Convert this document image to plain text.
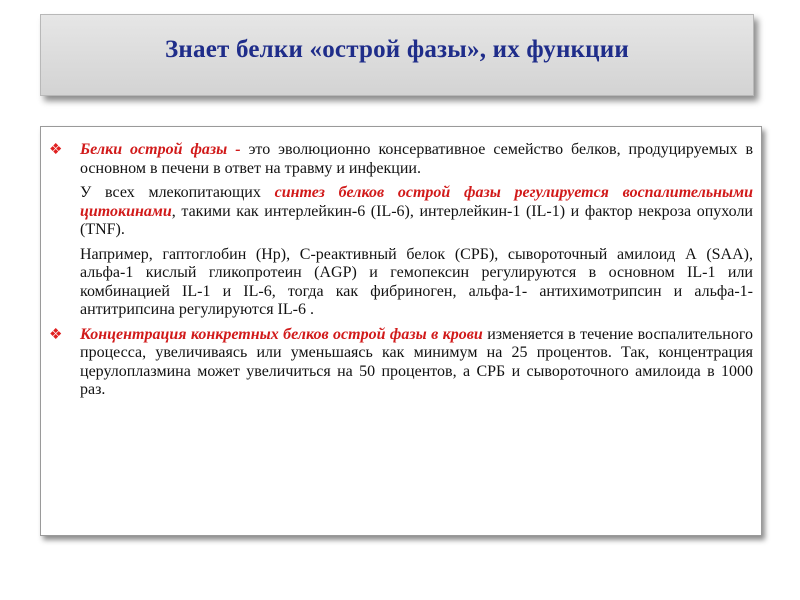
Знает белки «острой фазы», их функции
❖	Белки острой фазы - это эволюционно консервативное семейство белков, продуцируемых в основном в печени в ответ на травму и инфекции.
У всех млекопитающих синтез белков острой фазы регулируется воспалительными цитокинами, такими как интерлейкин-6 (IL-6), интерлейкин-1 (IL-1) и фактор некроза опухоли (TNF).
Например, гаптоглобин (Hp), С-реактивный белок (СРБ), сывороточный амилоид А (SAA), альфа-1 кислый гликопротеин (AGP) и гемопексин регулируются в основном IL-1 или комбинацией IL-1 и IL-6, тогда как фибриноген, альфа-1- антихимотрипсин и альфа-1-антитрипсина регулируются IL-6 .
❖	Концентрация конкретных белков острой фазы в крови изменяется в течение воспалительного процесса, увеличиваясь или уменьшаясь как минимум на 25 процентов. Так, концентрация церулоплазмина может увеличиться на 50 процентов, а СРБ и сывороточного амилоида в 1000 раз.
